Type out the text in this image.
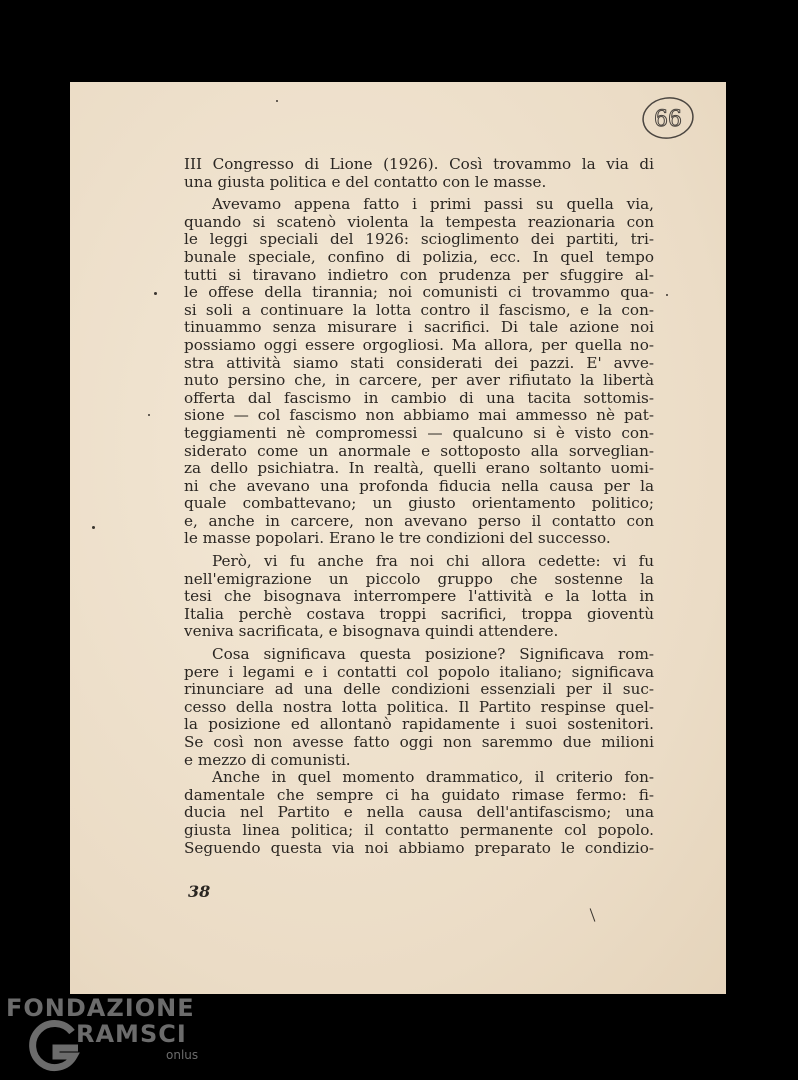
66
III Congresso di Lione (1926). Così trovammo la via di
una giusta politica e del contatto con le masse.
Avevamo appena fatto i primi passi su quella via,
quando si scatenò violenta la tempesta reazionaria con
le leggi speciali del 1926: scioglimento dei partiti, tri-
bunale speciale, confino di polizia, ecc. In quel tempo
tutti si tiravano indietro con prudenza per sfuggire al-
le offese della tirannia; noi comunisti ci trovammo qua-
si soli a continuare la lotta contro il fascismo, e la con-
tinuammo senza misurare i sacrifici. Di tale azione noi
possiamo oggi essere orgogliosi. Ma allora, per quella no-
stra attività siamo stati considerati dei pazzi. E' avve-
nuto persino che, in carcere, per aver rifiutato la libertà
offerta dal fascismo in cambio di una tacita sottomis-
sione — col fascismo non abbiamo mai ammesso nè pat-
teggiamenti nè compromessi — qualcuno si è visto con-
siderato come un anormale e sottoposto alla sorveglian-
za dello psichiatra. In realtà, quelli erano soltanto uomi-
ni che avevano una profonda fiducia nella causa per la
quale combattevano; un giusto orientamento politico;
e, anche in carcere, non avevano perso il contatto con
le masse popolari. Erano le tre condizioni del successo.
Però, vi fu anche fra noi chi allora cedette: vi fu
nell'emigrazione un piccolo gruppo che sostenne la
tesi che bisognava interrompere l'attività e la lotta in
Italia perchè costava troppi sacrifici, troppa gioventù
veniva sacrificata, e bisognava quindi attendere.
Cosa significava questa posizione? Significava rom-
pere i legami e i contatti col popolo italiano; significava
rinunciare ad una delle condizioni essenziali per il suc-
cesso della nostra lotta politica. Il Partito respinse quel-
la posizione ed allontanò rapidamente i suoi sostenitori.
Se così non avesse fatto oggi non saremmo due milioni
e mezzo di comunisti.
Anche in quel momento drammatico, il criterio fon-
damentale che sempre ci ha guidato rimase fermo: fi-
ducia nel Partito e nella causa dell'antifascismo; una
giusta linea politica; il contatto permanente col popolo.
Seguendo questa via noi abbiamo preparato le condizio-
38
FONDAZIONE
RAMSCI
onlus
